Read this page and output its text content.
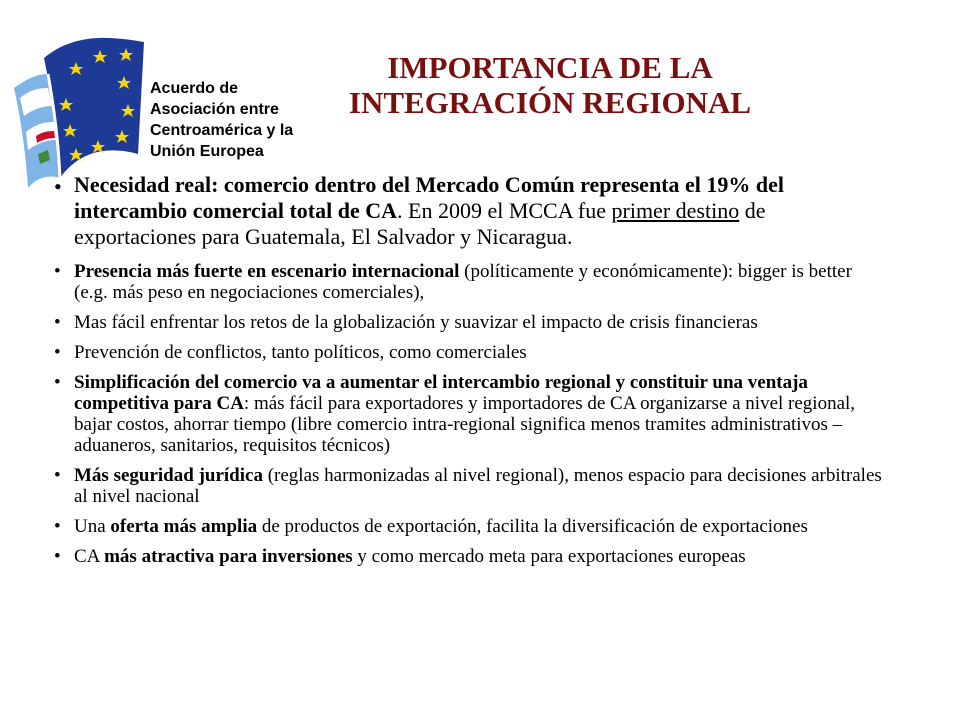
Acuerdo de
Asociación entre
Centroamérica y la
Unión Europea
IMPORTANCIA DE LA
INTEGRACIÓN REGIONAL
• Necesidad real: comercio dentro del Mercado Común representa el 19% del intercambio comercial total de CA. En 2009 el MCCA fue primer destino de exportaciones para Guatemala, El Salvador y Nicaragua.
• Presencia más fuerte en escenario internacional (políticamente y económicamente): bigger is better (e.g. más peso en negociaciones comerciales),
• Mas fácil enfrentar los retos de la globalización y suavizar el impacto de crisis financieras
• Prevención de conflictos, tanto políticos, como comerciales
• Simplificación del comercio va a aumentar el intercambio regional y constituir una ventaja competitiva para CA: más fácil para exportadores y importadores de CA organizarse a nivel regional, bajar costos, ahorrar tiempo (libre comercio intra-regional significa menos tramites administrativos – aduaneros, sanitarios, requisitos técnicos)
• Más seguridad jurídica (reglas harmonizadas al nivel regional), menos espacio para decisiones arbitrales al nivel nacional
• Una oferta más amplia de productos de exportación, facilita la diversificación de exportaciones
• CA más atractiva para inversiones y como mercado meta para exportaciones europeas
